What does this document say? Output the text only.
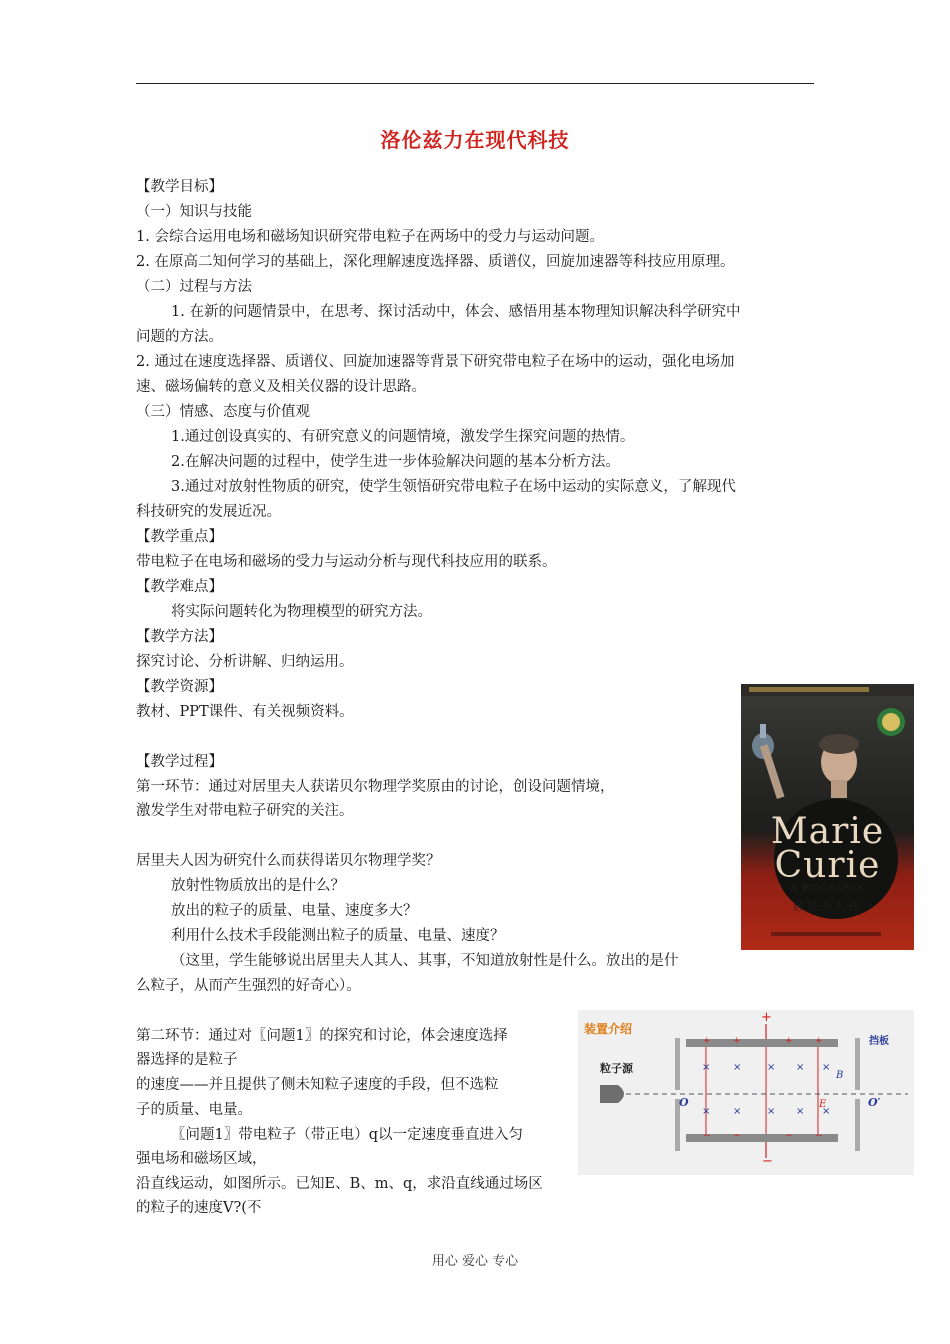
洛伦兹力在现代科技
【教学目标】
（一）知识与技能
1. 会综合运用电场和磁场知识研究带电粒子在两场中的受力与运动问题。
2. 在原高二知何学习的基础上，深化理解速度选择器、质谱仪，回旋加速器等科技应用原理。
（二）过程与方法
1. 在新的问题情景中，在思考、探讨活动中，体会、感悟用基本物理知识解决科学研究中
问题的方法。
2. 通过在速度选择器、质谱仪、回旋加速器等背景下研究带电粒子在场中的运动，强化电场加
速、磁场偏转的意义及相关仪器的设计思路。
（三）情感、态度与价值观
1.通过创设真实的、有研究意义的问题情境，激发学生探究问题的热情。
2.在解决问题的过程中，使学生进一步体验解决问题的基本分析方法。
3.通过对放射性物质的研究，使学生领悟研究带电粒子在场中运动的实际意义，了解现代
科技研究的发展近况。
【教学重点】
带电粒子在电场和磁场的受力与运动分析与现代科技应用的联系。
【教学难点】
将实际问题转化为物理模型的研究方法。
【教学方法】
探究讨论、分析讲解、归纳运用。
【教学资源】
教材、PPT课件、有关视频资料。
【教学过程】
第一环节：通过对居里夫人获诺贝尔物理学奖原由的讨论，创设问题情境，
激发学生对带电粒子研究的关注。
居里夫人因为研究什么而获得诺贝尔物理学奖？
放射性物质放出的是什么？
放出的粒子的质量、电量、速度多大？
利用什么技术手段能测出粒子的质量、电量、速度？
（这里，学生能够说出居里夫人其人、其事，不知道放射性是什么。放出的是什
么粒子，从而产生强烈的好奇心）。
第二环节：通过对〖问题1〗的探究和讨论，体会速度选择
器选择的是粒子
的速度——并且提供了侧未知粒子速度的手段，但不选粒
子的质量、电量。
〖问题1〗带电粒子（带正电）q以一定速度垂直进入匀
强电场和磁场区域，
沿直线运动，如图所示。已知E、B、m、q，求沿直线通过场区
的粒子的速度V?(不
Marie
Curie
A BIOGRAPHY
居里夫人传
装置介绍
粒子源
挡板
O	O′
B
E
+
−
+ +	+ +
− −	− −
× ×	× × ×
× ×	× × ×
用心 爱心 专心
